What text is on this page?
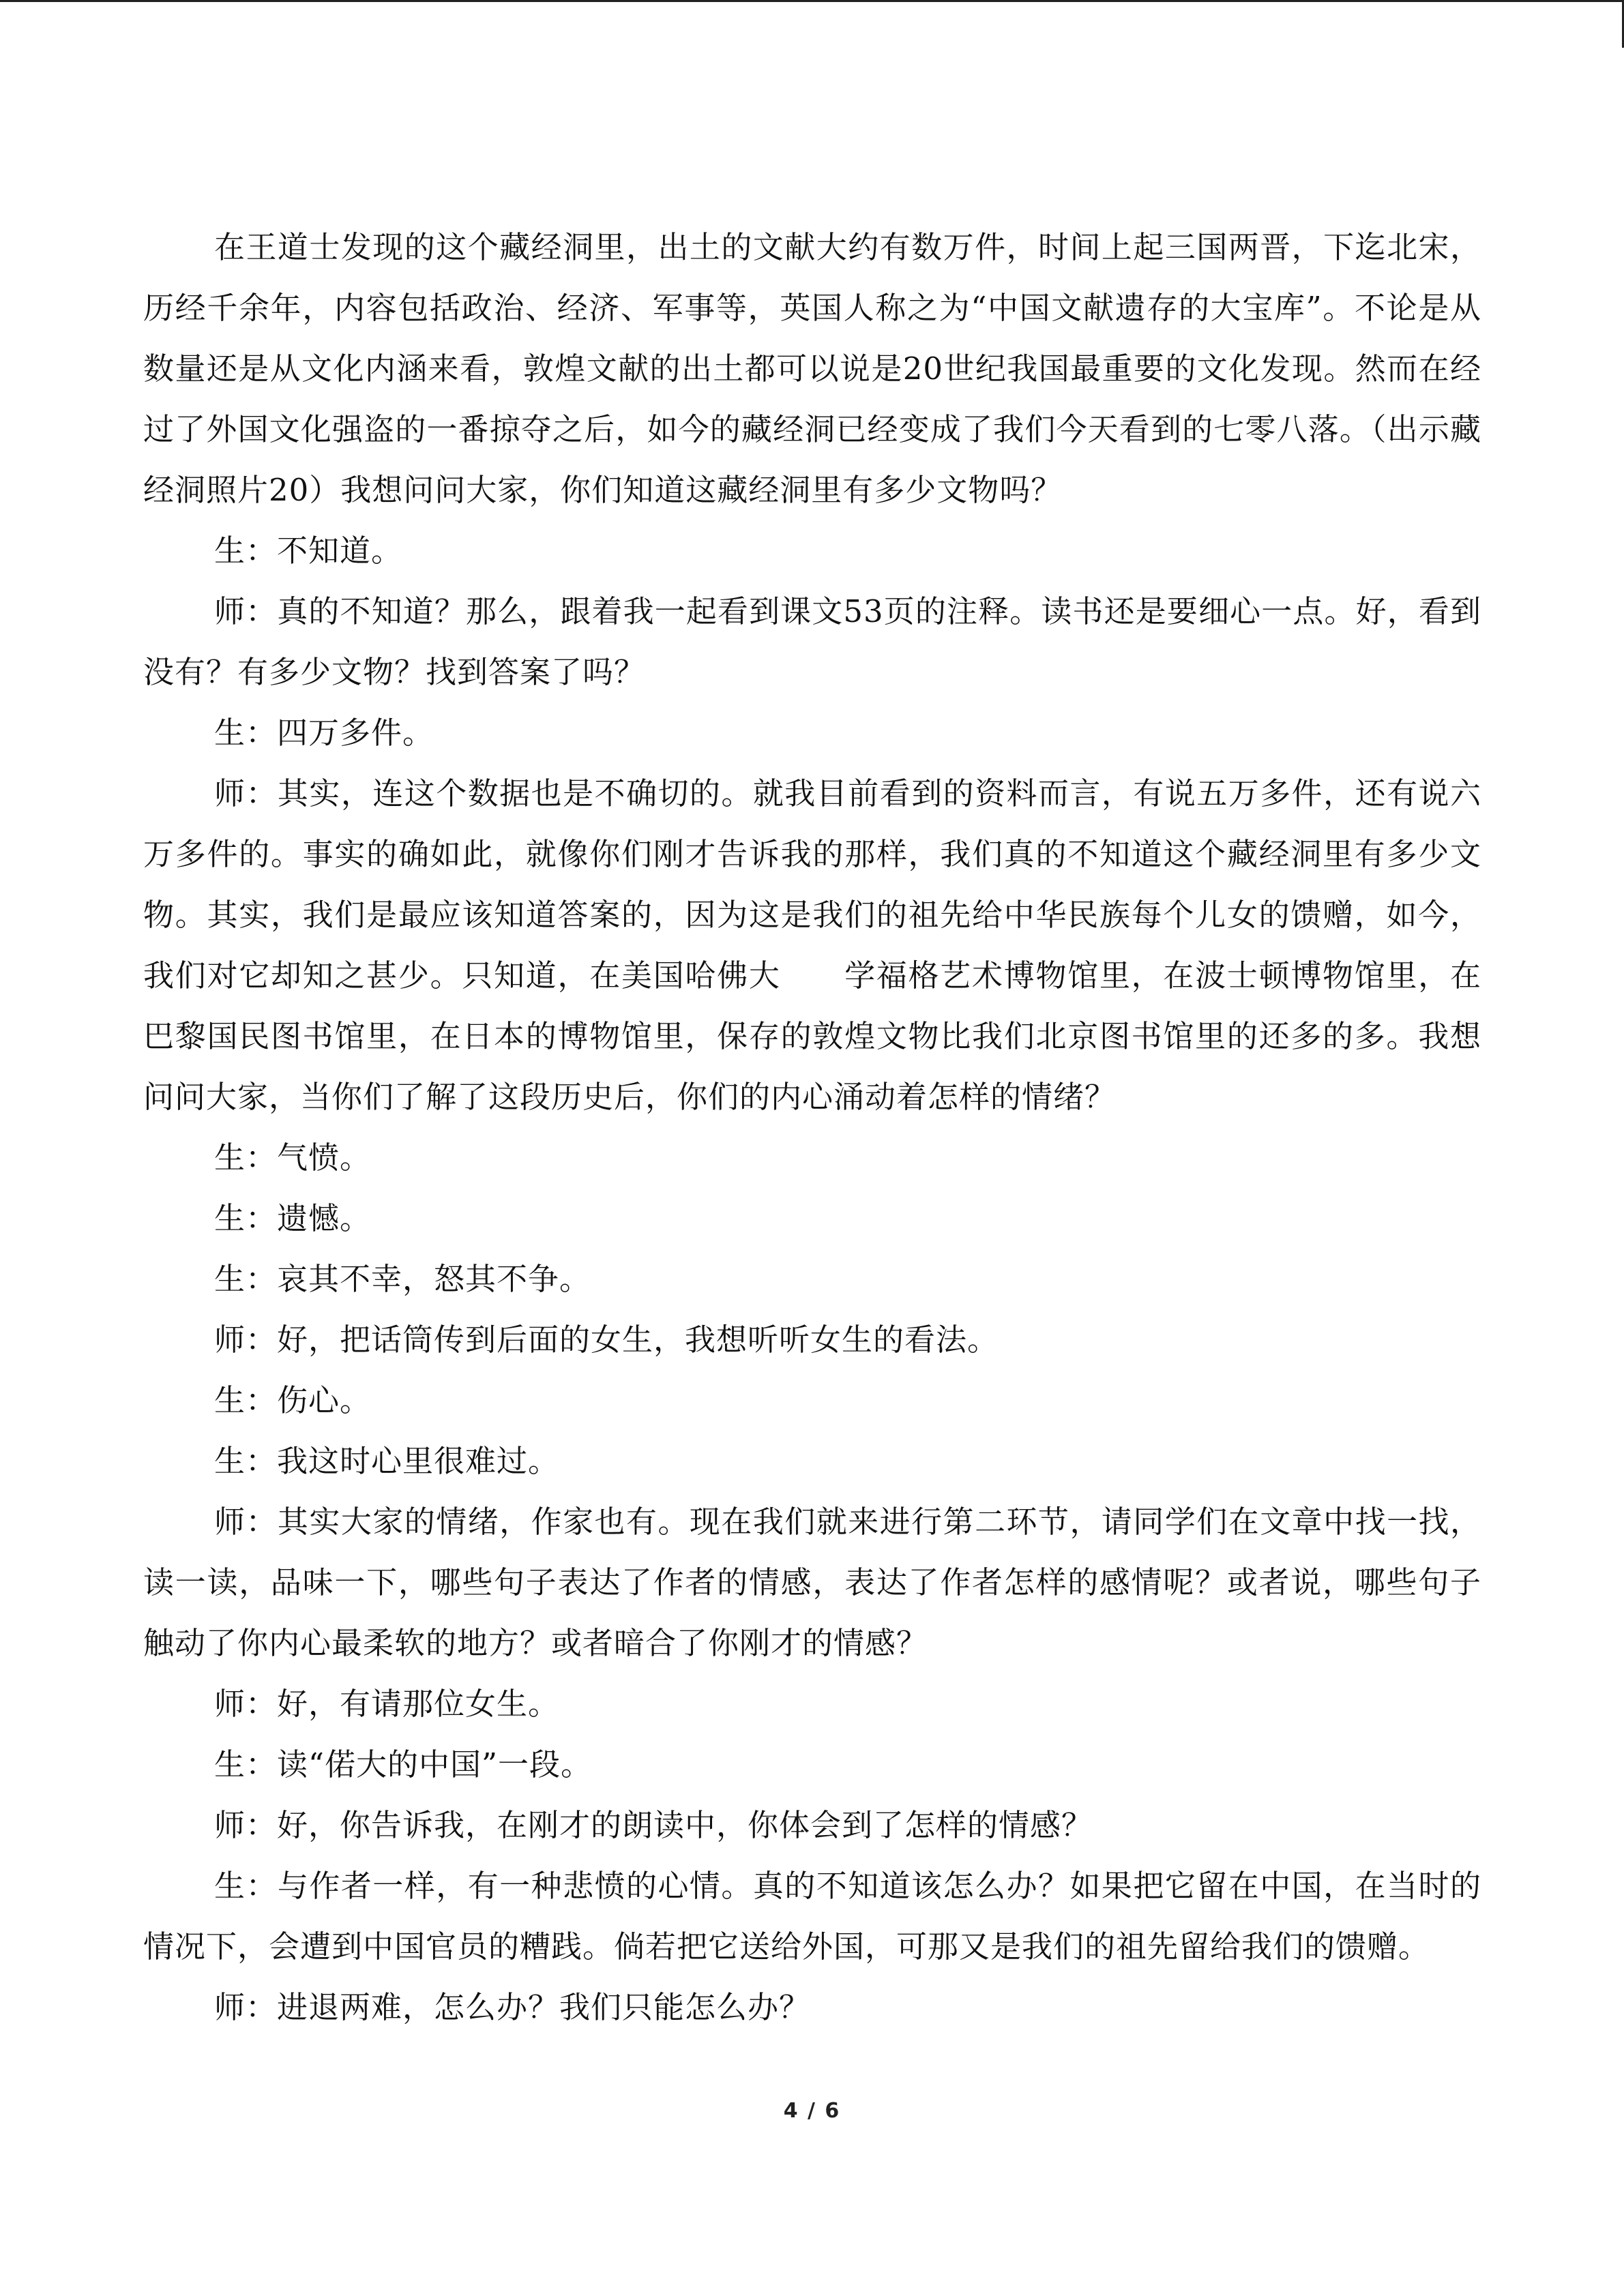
在王道士发现的这个藏经洞里，出土的文献大约有数万件，时间上起三国两晋，下迄北宋，历经千余年，内容包括政治、经济、军事等，英国人称之为“中国文献遗存的大宝库”。不论是从数量还是从文化内涵来看，敦煌文献的出土都可以说是20世纪我国最重要的文化发现。然而在经过了外国文化强盗的一番掠夺之后，如今的藏经洞已经变成了我们今天看到的七零八落。（出示藏经洞照片20）我想问问大家，你们知道这藏经洞里有多少文物吗？

生：不知道。

师：真的不知道？那么，跟着我一起看到课文53页的注释。读书还是要细心一点。好，看到没有？有多少文物？找到答案了吗？

生：四万多件。

师：其实，连这个数据也是不确切的。就我目前看到的资料而言，有说五万多件，还有说六万多件的。事实的确如此，就像你们刚才告诉我的那样，我们真的不知道这个藏经洞里有多少文物。其实，我们是最应该知道答案的，因为这是我们的祖先给中华民族每个儿女的馈赠，如今，我们对它却知之甚少。只知道，在美国哈佛大　　学福格艺术博物馆里，在波士顿博物馆里，在巴黎国民图书馆里，在日本的博物馆里，保存的敦煌文物比我们北京图书馆里的还多的多。我想问问大家，当你们了解了这段历史后，你们的内心涌动着怎样的情绪？

生：气愤。

生：遗憾。

生：哀其不幸，怒其不争。

师：好，把话筒传到后面的女生，我想听听女生的看法。

生：伤心。

生：我这时心里很难过。

师：其实大家的情绪，作家也有。现在我们就来进行第二环节，请同学们在文章中找一找，读一读，品味一下，哪些句子表达了作者的情感，表达了作者怎样的感情呢？或者说，哪些句子触动了你内心最柔软的地方？或者暗合了你刚才的情感？

师：好，有请那位女生。

生：读“偌大的中国”一段。

师：好，你告诉我，在刚才的朗读中，你体会到了怎样的情感？

生：与作者一样，有一种悲愤的心情。真的不知道该怎么办？如果把它留在中国，在当时的情况下，会遭到中国官员的糟践。倘若把它送给外国，可那又是我们的祖先留给我们的馈赠。

师：进退两难，怎么办？我们只能怎么办？

4 / 6
